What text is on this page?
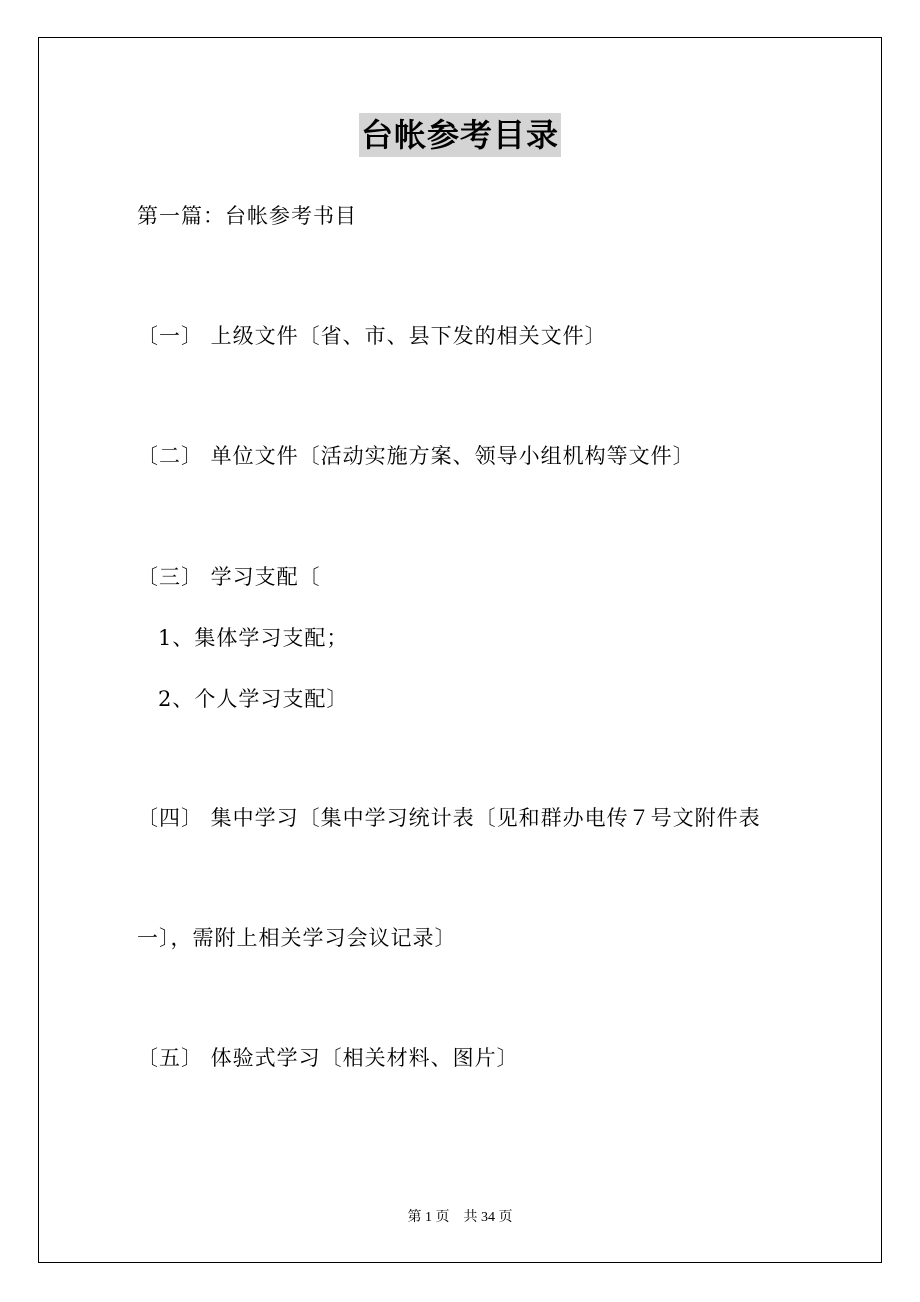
台帐参考目录
第一篇：台帐参考书目
〔一〕 上级文件〔省、市、县下发的相关文件〕
〔二〕 单位文件〔活动实施方案、领导小组机构等文件〕
〔三〕 学习支配〔
1、集体学习支配；
2、个人学习支配〕
〔四〕 集中学习〔集中学习统计表〔见和群办电传７号文附件表
一〕，需附上相关学习会议记录〕
〔五〕 体验式学习〔相关材料、图片〕
第 1 页　共 34 页
